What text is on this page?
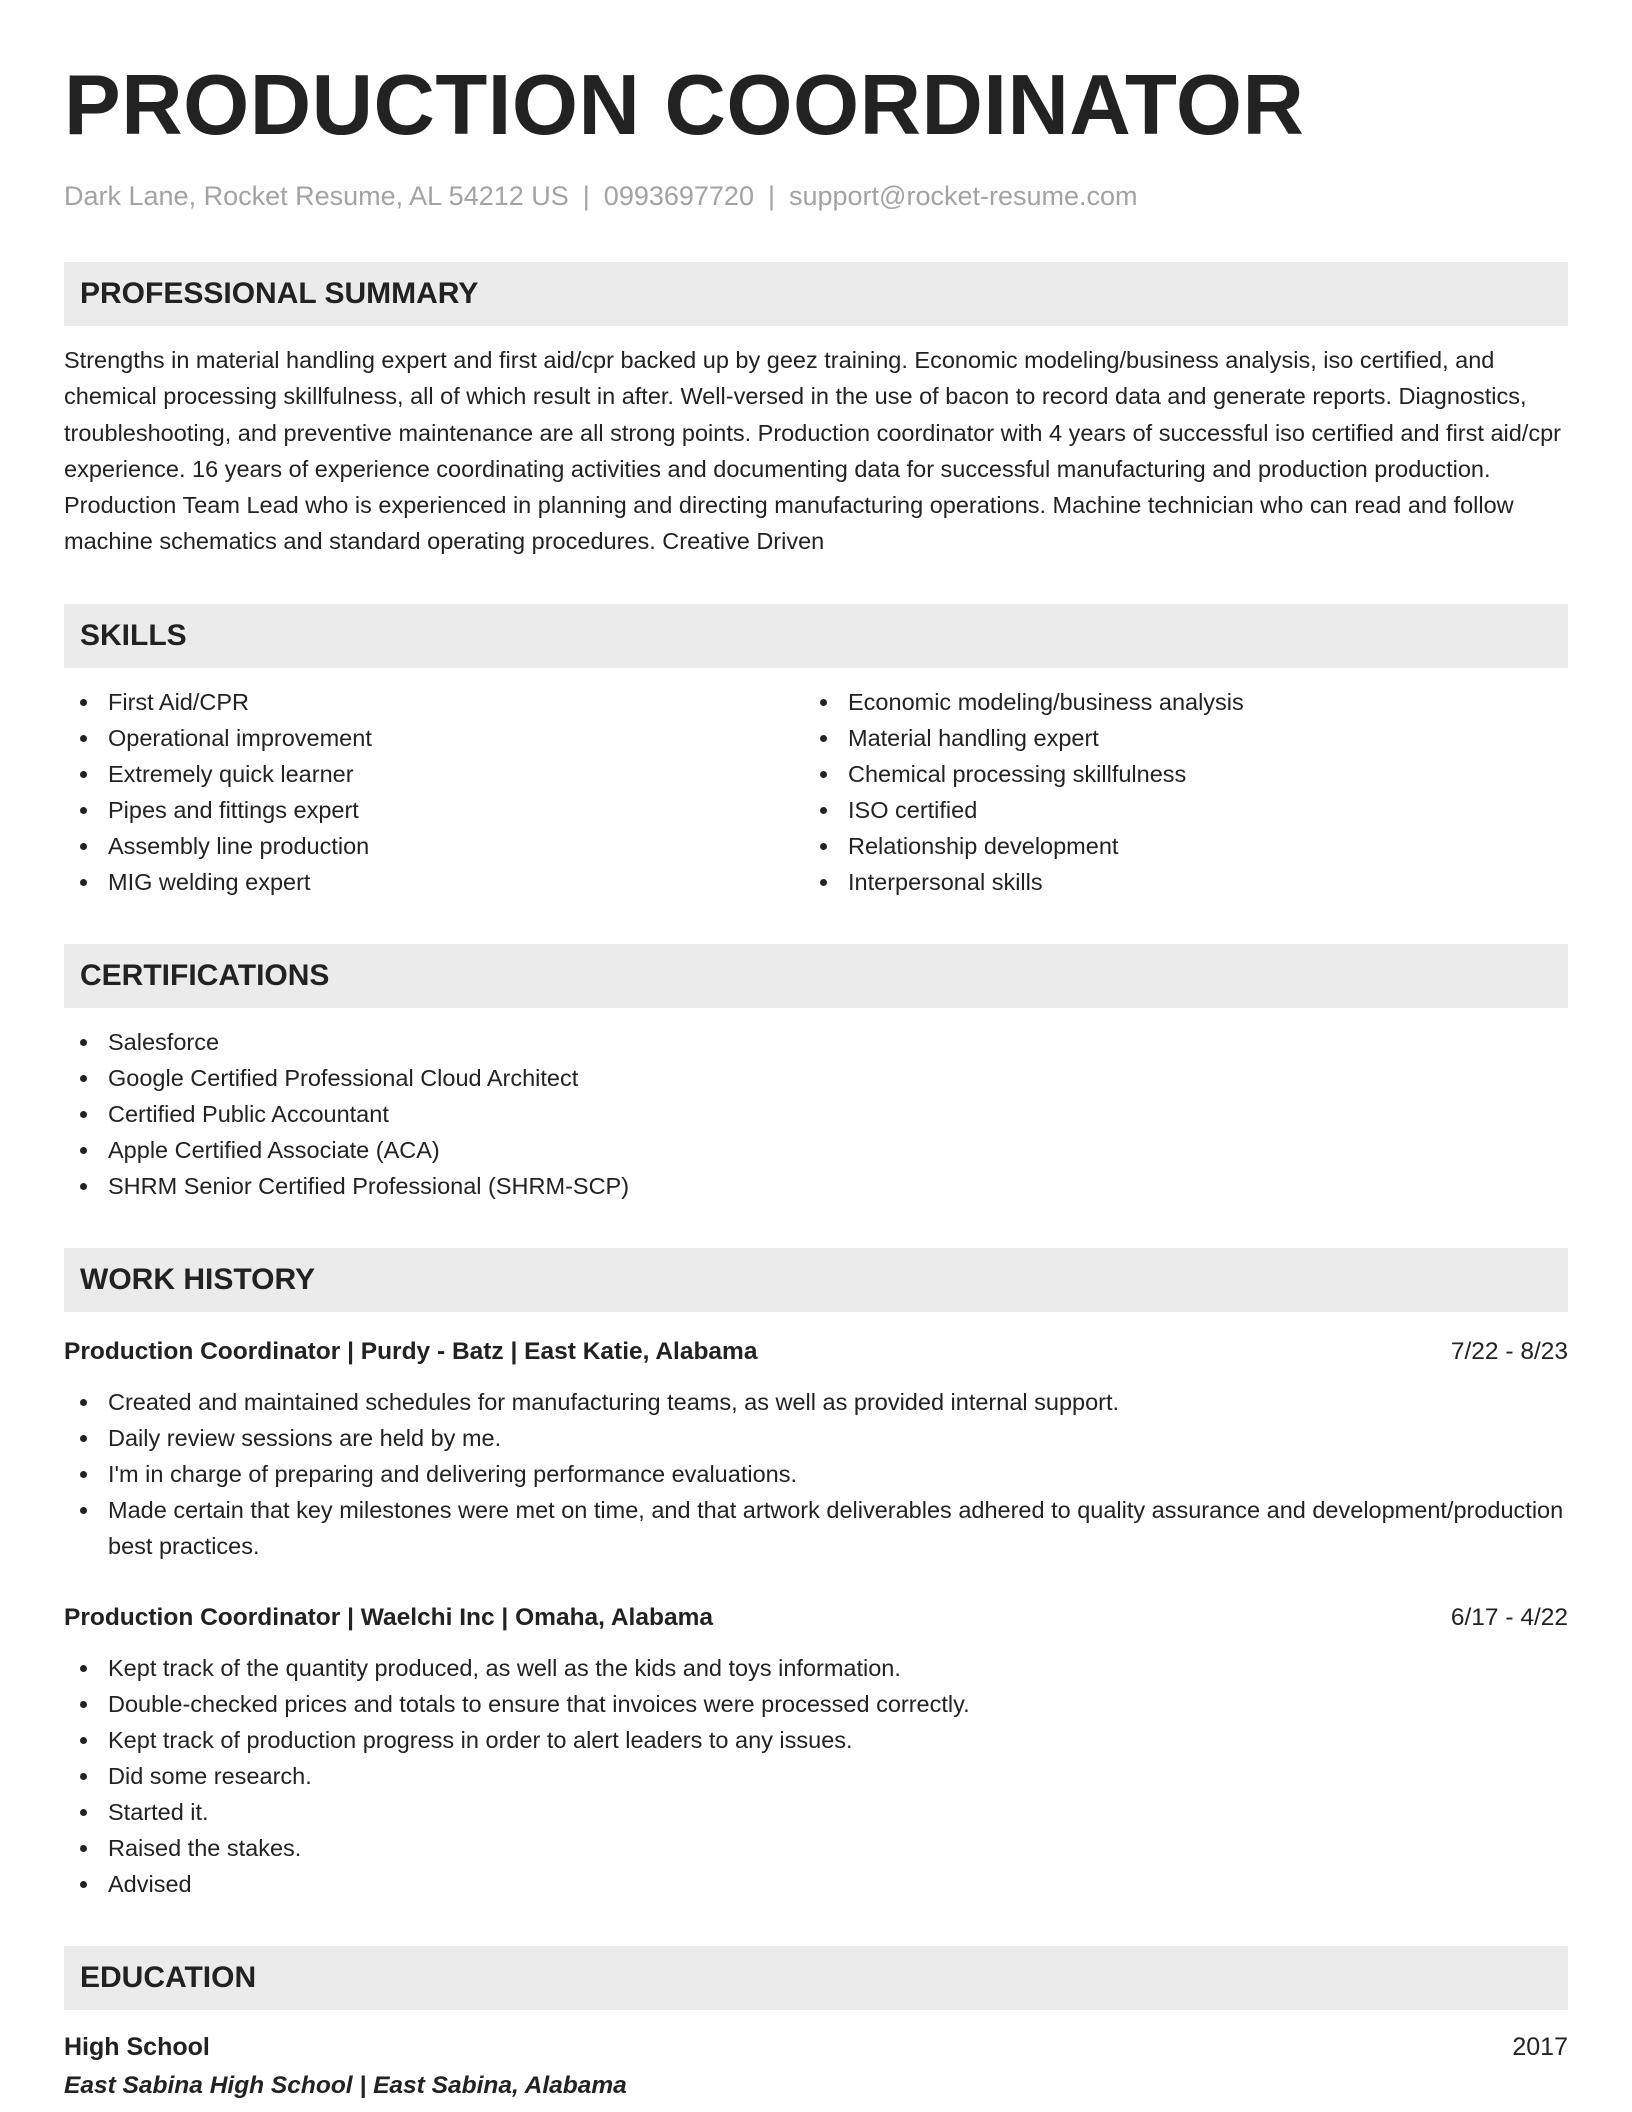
PRODUCTION COORDINATOR
Dark Lane, Rocket Resume, AL 54212 US | 0993697720 | support@rocket-resume.com
PROFESSIONAL SUMMARY

Strengths in material handling expert and first aid/cpr backed up by geez training. Economic modeling/business analysis, iso certified, and chemical processing skillfulness, all of which result in after. Well-versed in the use of bacon to record data and generate reports. Diagnostics, troubleshooting, and preventive maintenance are all strong points. Production coordinator with 4 years of successful iso certified and first aid/cpr experience. 16 years of experience coordinating activities and documenting data for successful manufacturing and production production. Production Team Lead who is experienced in planning and directing manufacturing operations. Machine technician who can read and follow machine schematics and standard operating procedures. Creative Driven

SKILLS
First Aid/CPR
Operational improvement
Extremely quick learner
Pipes and fittings expert
Assembly line production
MIG welding expert
Economic modeling/business analysis
Material handling expert
Chemical processing skillfulness
ISO certified
Relationship development
Interpersonal skills
CERTIFICATIONS
Salesforce
Google Certified Professional Cloud Architect
Certified Public Accountant
Apple Certified Associate (ACA)
SHRM Senior Certified Professional (SHRM-SCP)
WORK HISTORY
Production Coordinator | Purdy - Batz | East Katie, Alabama	7/22 - 8/23
Created and maintained schedules for manufacturing teams, as well as provided internal support.
Daily review sessions are held by me.
I'm in charge of preparing and delivering performance evaluations.
Made certain that key milestones were met on time, and that artwork deliverables adhered to quality assurance and development/production best practices.
Production Coordinator | Waelchi Inc | Omaha, Alabama	6/17 - 4/22
Kept track of the quantity produced, as well as the kids and toys information.
Double-checked prices and totals to ensure that invoices were processed correctly.
Kept track of production progress in order to alert leaders to any issues.
Did some research.
Started it.
Raised the stakes.
Advised
EDUCATION
High School	2017
East Sabina High School | East Sabina, Alabama
